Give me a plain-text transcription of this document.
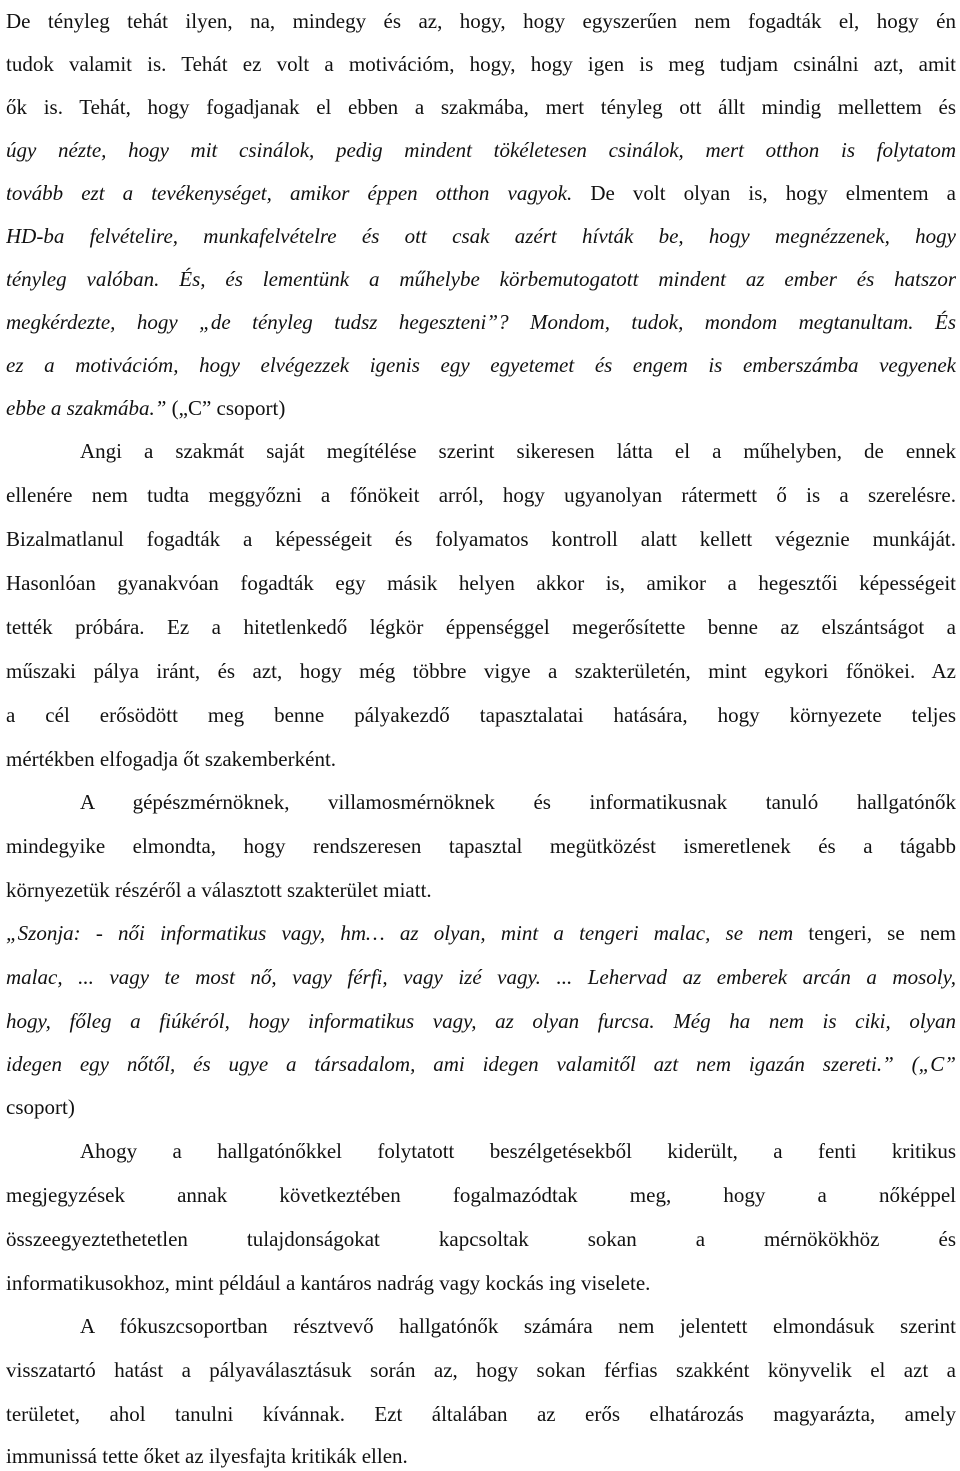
De tényleg tehát ilyen, na, mindegy és az, hogy, hogy egyszerűen nem fogadták el, hogy én
tudok valamit is. Tehát ez volt a motivációm, hogy, hogy igen is meg tudjam csinálni azt, amit
ők is. Tehát, hogy fogadjanak el ebben a szakmába, mert tényleg ott állt mindig mellettem és
úgy nézte, hogy mit csinálok, pedig mindent tökéletesen csinálok, mert otthon is folytatom
tovább ezt a tevékenységet, amikor éppen otthon vagyok. De volt olyan is, hogy elmentem a
HD-ba felvételire, munkafelvételre és ott csak azért hívták be, hogy megnézzenek, hogy
tényleg valóban. És, és lementünk a műhelybe körbemutogatott mindent az ember és hatszor
megkérdezte, hogy „de tényleg tudsz hegeszteni”? Mondom, tudok, mondom megtanultam. És
ez a motivációm, hogy elvégezzek igenis egy egyetemet és engem is emberszámba vegyenek
ebbe a szakmába.” („C” csoport)
Angi a szakmát saját megítélése szerint sikeresen látta el a műhelyben, de ennek
ellenére nem tudta meggyőzni a főnökeit arról, hogy ugyanolyan rátermett ő is a szerelésre.
Bizalmatlanul fogadták a képességeit és folyamatos kontroll alatt kellett végeznie munkáját.
Hasonlóan gyanakvóan fogadták egy másik helyen akkor is, amikor a hegesztői képességeit
tették próbára. Ez a hitetlenkedő légkör éppenséggel megerősítette benne az elszántságot a
műszaki pálya iránt, és azt, hogy még többre vigye a szakterületén, mint egykori főnökei. Az
a cél erősödött meg benne pályakezdő tapasztalatai hatására, hogy környezete teljes
mértékben elfogadja őt szakemberként.
A gépészmérnöknek, villamosmérnöknek és informatikusnak tanuló hallgatónők
mindegyike elmondta, hogy rendszeresen tapasztal megütközést ismeretlenek és a tágabb
környezetük részéről a választott szakterület miatt.
„Szonja: - női informatikus vagy, hm… az olyan, mint a tengeri malac, se nem tengeri, se nem
malac, ... vagy te most nő, vagy férfi, vagy izé vagy. ... Lehervad az emberek arcán a mosoly,
hogy, főleg a fiúkéról, hogy informatikus vagy, az olyan furcsa. Még ha nem is ciki, olyan
idegen egy nőtől, és ugye a társadalom, ami idegen valamitől azt nem igazán szereti.” („C”
csoport)
Ahogy a hallgatónőkkel folytatott beszélgetésekből kiderült, a fenti kritikus
megjegyzések annak következtében fogalmazódtak meg, hogy a nőképpel
összeegyeztethetetlen tulajdonságokat kapcsoltak sokan a mérnökökhöz és
informatikusokhoz, mint például a kantáros nadrág vagy kockás ing viselete.
A fókuszcsoportban résztvevő hallgatónők számára nem jelentett elmondásuk szerint
visszatartó hatást a pályaválasztásuk során az, hogy sokan férfias szakként könyvelik el azt a
területet, ahol tanulni kívánnak. Ezt általában az erős elhatározás magyarázta, amely
immunissá tette őket az ilyesfajta kritikák ellen.
